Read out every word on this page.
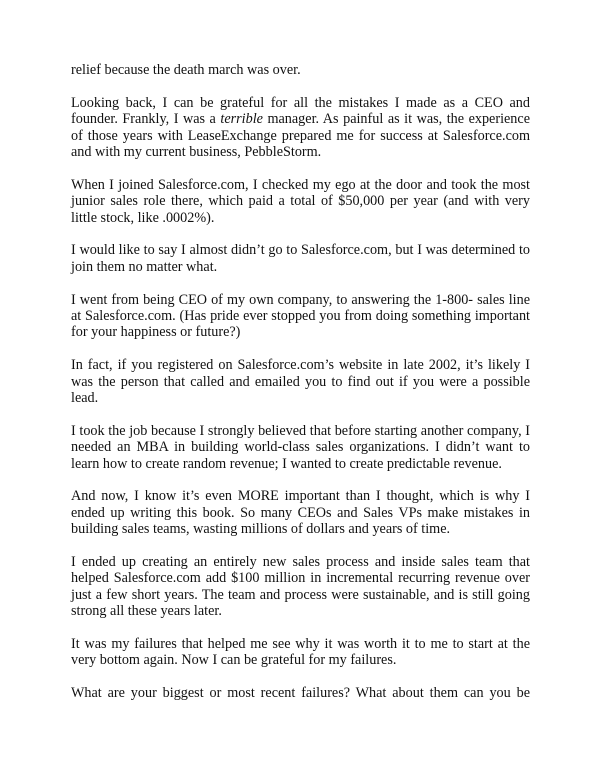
relief because the death march was over.

Looking back, I can be grateful for all the mistakes I made as a CEO and founder. Frankly, I was a terrible manager. As painful as it was, the experience of those years with LeaseExchange prepared me for success at Salesforce.com and with my current business, PebbleStorm.

When I joined Salesforce.com, I checked my ego at the door and took the most junior sales role there, which paid a total of $50,000 per year (and with very little stock, like .0002%).

I would like to say I almost didn’t go to Salesforce.com, but I was determined to join them no matter what.

I went from being CEO of my own company, to answering the 1-800- sales line at Salesforce.com. (Has pride ever stopped you from doing something important for your happiness or future?)

In fact, if you registered on Salesforce.com’s website in late 2002, it’s likely I was the person that called and emailed you to find out if you were a possible lead.

I took the job because I strongly believed that before starting another company, I needed an MBA in building world-class sales organizations. I didn’t want to learn how to create random revenue; I wanted to create predictable revenue.

And now, I know it’s even MORE important than I thought, which is why I ended up writing this book. So many CEOs and Sales VPs make mistakes in building sales teams, wasting millions of dollars and years of time.

I ended up creating an entirely new sales process and inside sales team that helped Salesforce.com add $100 million in incremental recurring revenue over just a few short years. The team and process were sustainable, and is still going strong all these years later.

It was my failures that helped me see why it was worth it to me to start at the very bottom again. Now I can be grateful for my failures.

What are your biggest or most recent failures? What about them can you be
